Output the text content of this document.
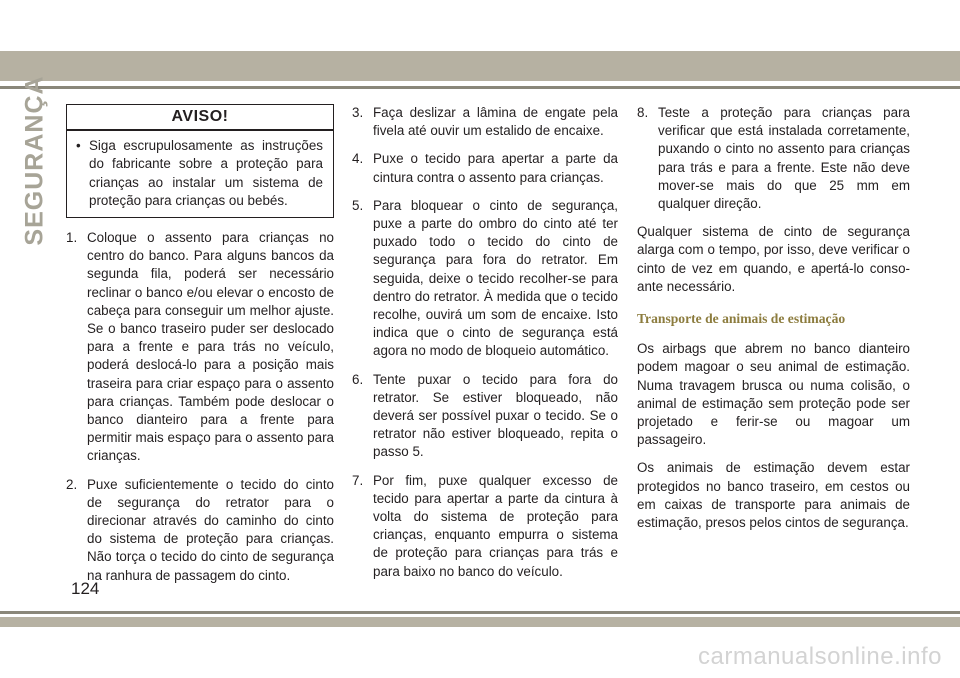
SEGURANÇA	AVISO!
• Siga escrupulosamente as instruções do fabricante sobre a proteção para crianças ao instalar um sistema de proteção para crianças ou bebés.
1. Coloque o assento para crianças no centro do banco. Para alguns bancos da segunda fila, poderá ser necessário reclinar o banco e/ou elevar o encosto de cabeça para conseguir um melhor ajuste. Se o banco traseiro puder ser deslocado para a frente e para trás no veículo, poderá deslocá-lo para a posição mais traseira para criar espaço para o assento para crianças. Também pode deslocar o banco dianteiro para a frente para permitir mais espaço para o assento para crianças.
2. Puxe suficientemente o tecido do cinto de segurança do retrator para o direcionar através do caminho do cinto do sistema de proteção para crianças. Não torça o tecido do cinto de segurança na ranhura de passagem do cinto.
3. Faça deslizar a lâmina de engate pela fivela até ouvir um estalido de encaixe.
4. Puxe o tecido para apertar a parte da cintura contra o assento para crianças.
5. Para bloquear o cinto de segurança, puxe a parte do ombro do cinto até ter puxado todo o tecido do cinto de segurança para fora do retrator. Em seguida, deixe o tecido recolher-se para dentro do retrator. À medida que o tecido recolhe, ouvirá um som de encaixe. Isto indica que o cinto de segurança está agora no modo de bloqueio automático.
6. Tente puxar o tecido para fora do retrator. Se estiver bloqueado, não deverá ser possível puxar o tecido. Se o retrator não estiver bloqueado, repita o passo 5.
7. Por fim, puxe qualquer excesso de tecido para apertar a parte da cintura à volta do sistema de proteção para crianças, enquanto empurra o sistema de proteção para crianças para trás e para baixo no banco do veículo.
8. Teste a proteção para crianças para verificar que está instalada corretamente, puxando o cinto no assento para crianças para trás e para a frente. Este não deve mover-se mais do que 25 mm em qualquer direção.
Qualquer sistema de cinto de segurança alarga com o tempo, por isso, deve verificar o cinto de vez em quando, e apertá-lo consoante necessário.
Transporte de animais de estimação
Os airbags que abrem no banco dianteiro podem magoar o seu animal de estimação. Numa travagem brusca ou numa colisão, o animal de estimação sem proteção pode ser projetado e ferir-se ou magoar um passageiro.
Os animais de estimação devem estar protegidos no banco traseiro, em cestos ou em caixas de transporte para animais de estimação, presos pelos cintos de segurança.
124
carmanualsonline.info
